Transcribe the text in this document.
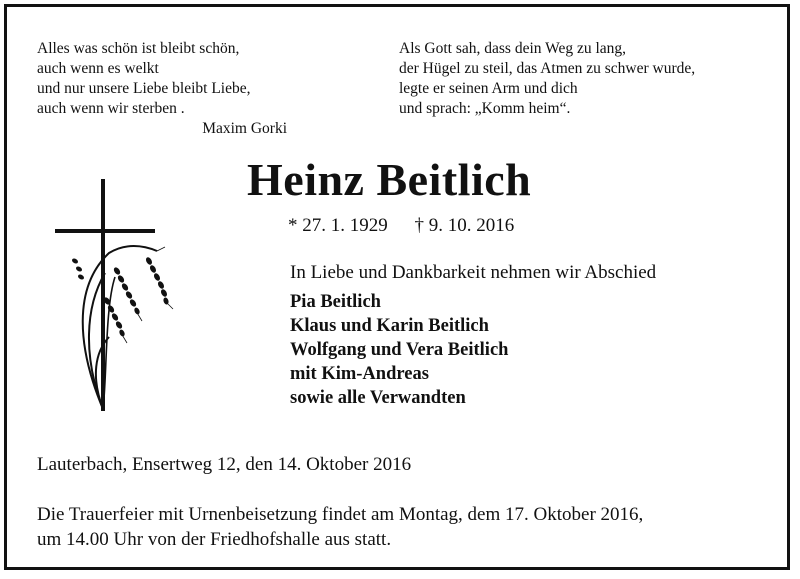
Alles was schön ist bleibt schön,
auch wenn es welkt
und nur unsere Liebe bleibt Liebe,
auch wenn wir sterben .
Maxim Gorki
Als Gott sah, dass dein Weg zu lang,
der Hügel zu steil, das Atmen zu schwer wurde,
legte er seinen Arm und dich
und sprach: „Komm heim“.
Heinz Beitlich
* 27. 1. 1929 † 9. 10. 2016
In Liebe und Dankbarkeit nehmen wir Abschied
Pia Beitlich
Klaus und Karin Beitlich
Wolfgang und Vera Beitlich
mit Kim-Andreas
sowie alle Verwandten
Lauterbach, Ensertweg 12, den 14. Oktober 2016
Die Trauerfeier mit Urnenbeisetzung findet am Montag, dem 17. Oktober 2016,
um 14.00 Uhr von der Friedhofshalle aus statt.
